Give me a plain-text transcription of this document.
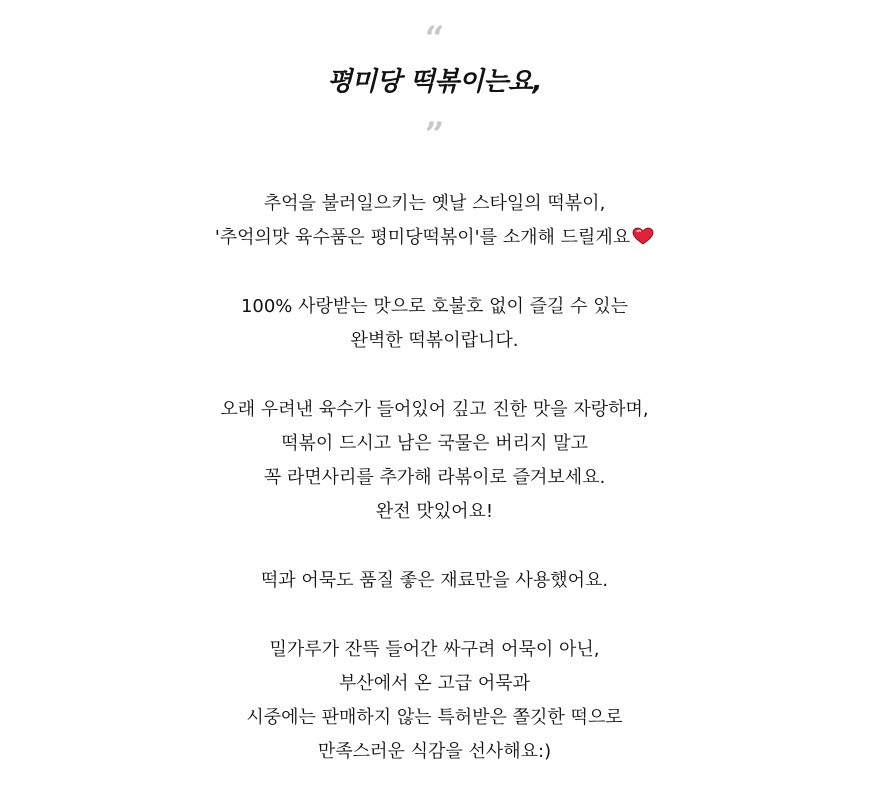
“
평미당 떡볶이는요,
”
추억을 불러일으키는 옛날 스타일의 떡볶이,
'추억의맛 육수품은 평미당떡볶이'를 소개해 드릴게요
100% 사랑받는 맛으로 호불호 없이 즐길 수 있는
완벽한 떡볶이랍니다.
오래 우려낸 육수가 들어있어 깊고 진한 맛을 자랑하며,
떡볶이 드시고 남은 국물은 버리지 말고
꼭 라면사리를 추가해 라볶이로 즐겨보세요.
완전 맛있어요!
떡과 어묵도 품질 좋은 재료만을 사용했어요.
밀가루가 잔뜩 들어간 싸구려 어묵이 아닌,
부산에서 온 고급 어묵과
시중에는 판매하지 않는 특허받은 쫄깃한 떡으로
만족스러운 식감을 선사해요:)
